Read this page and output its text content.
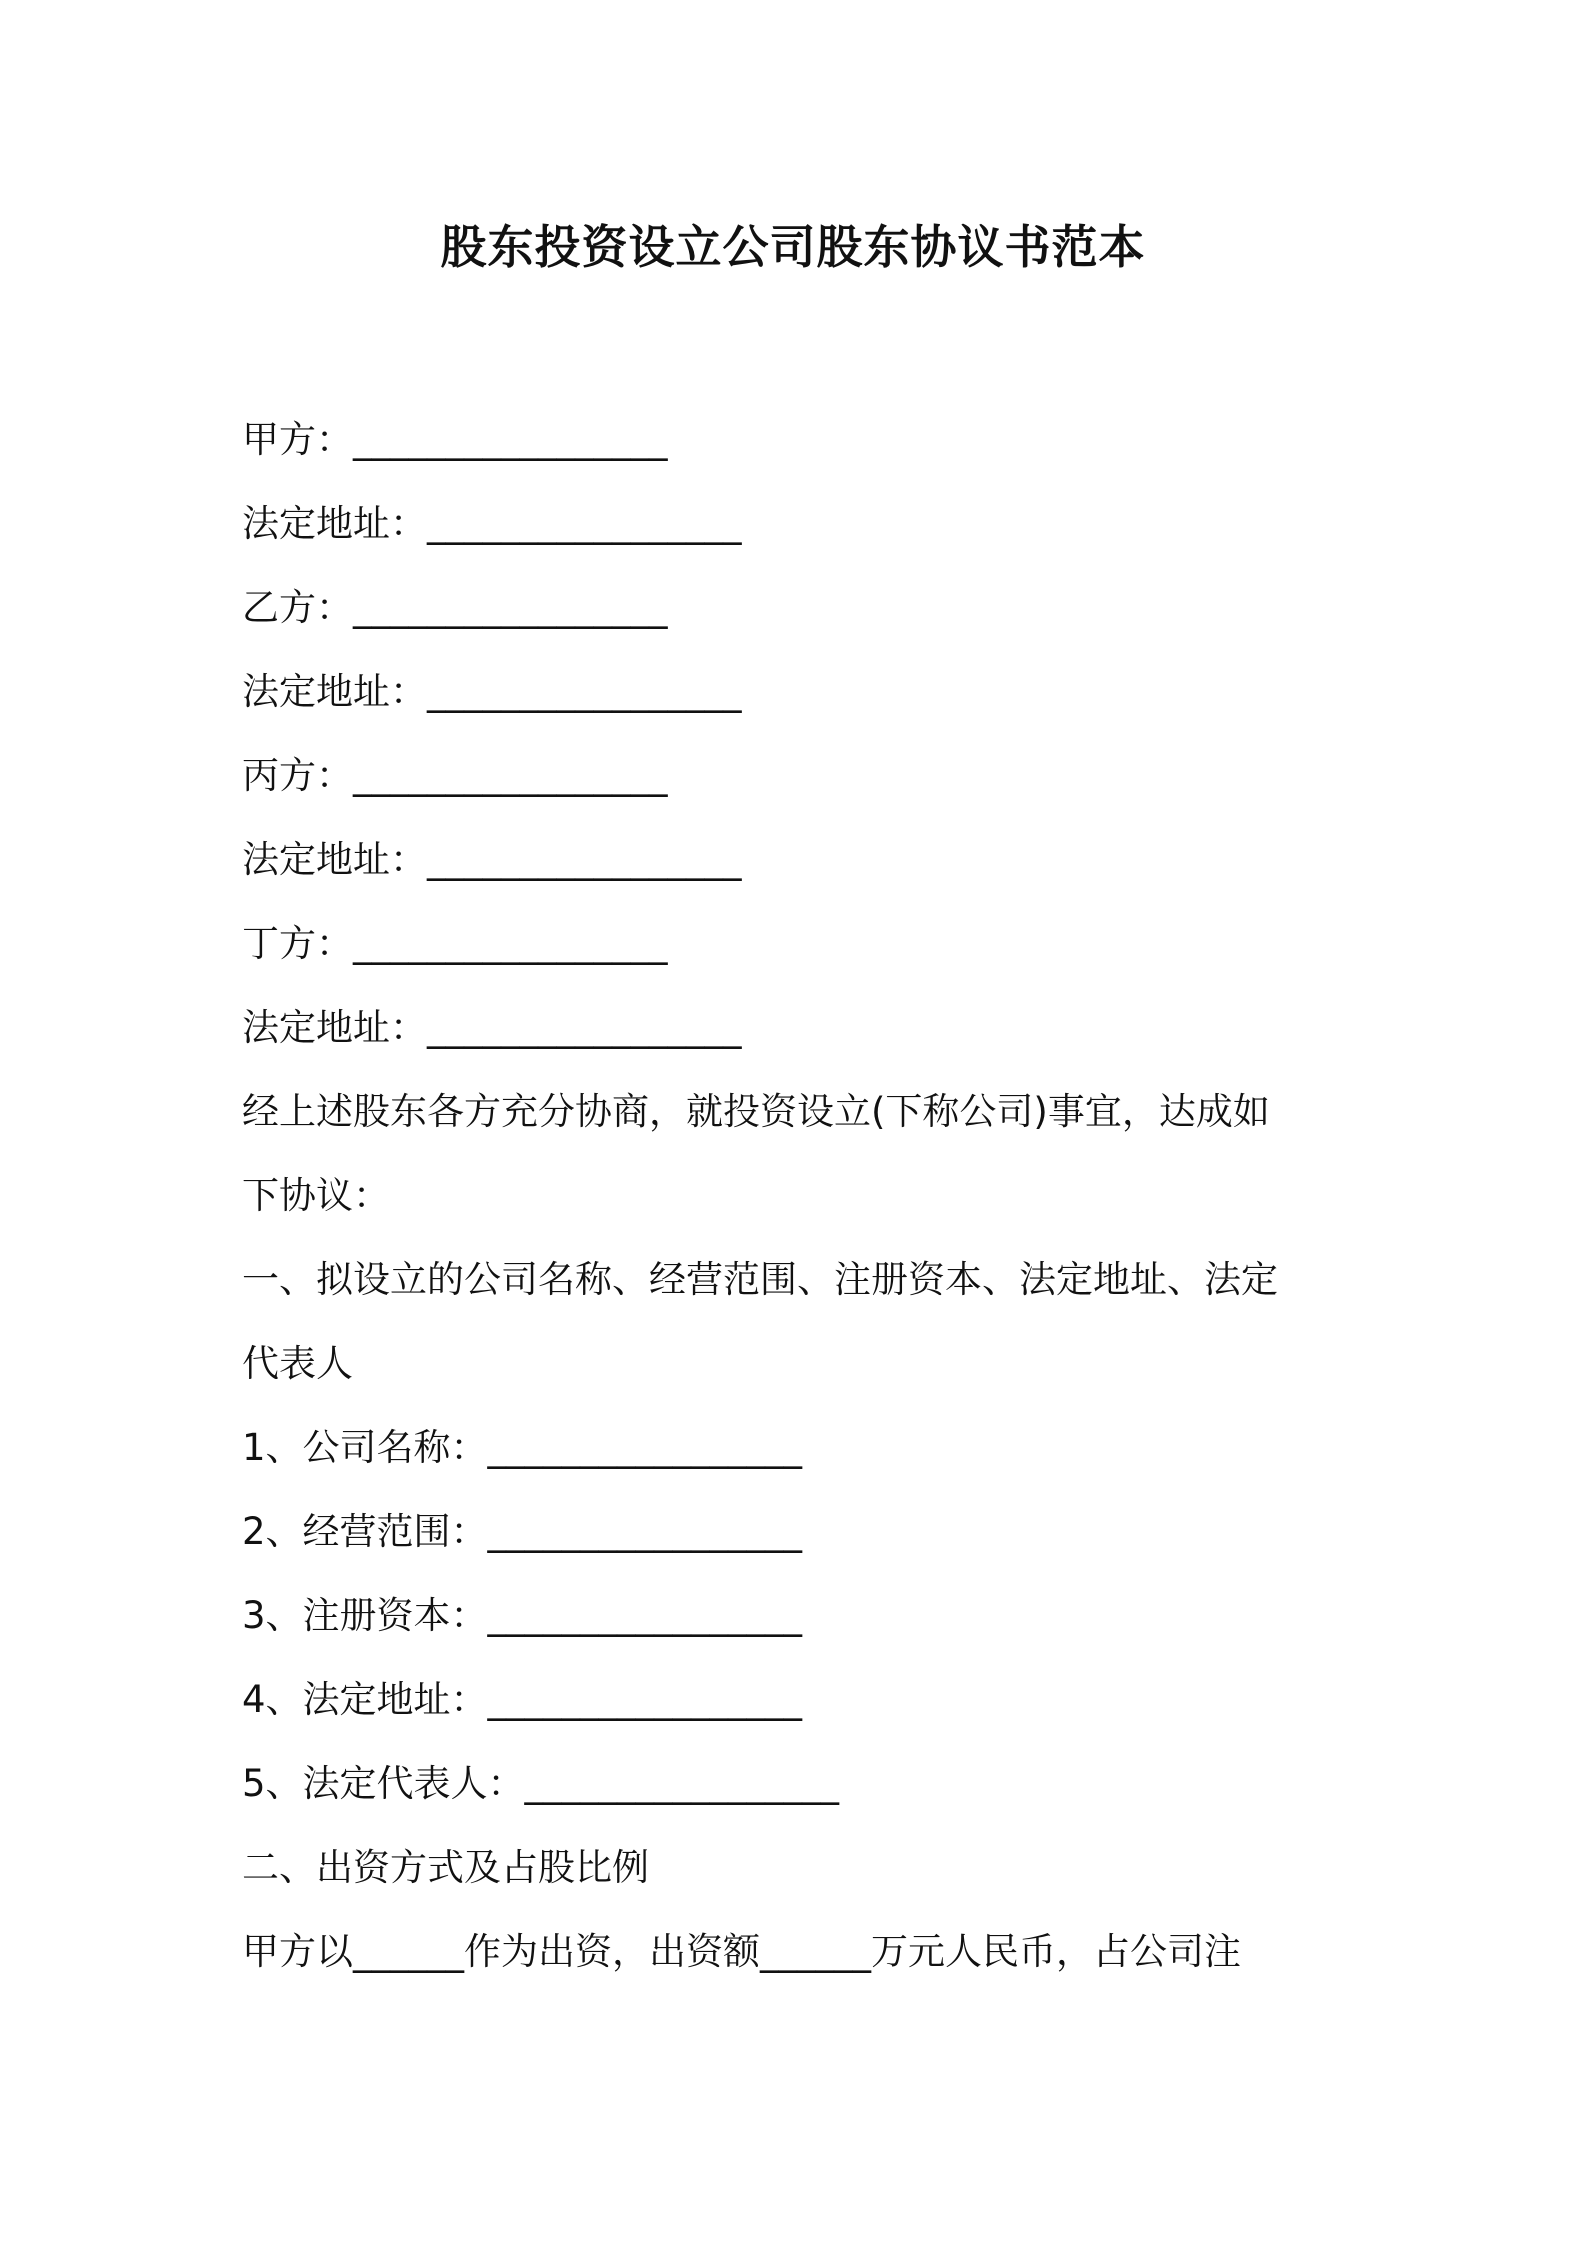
股东投资设立公司股东协议书范本
甲方：_________________
法定地址：_________________
乙方：_________________
法定地址：_________________
丙方：_________________
法定地址：_________________
丁方：_________________
法定地址：_________________
经上述股东各方充分协商，就投资设立(下称公司)事宜，达成如
下协议：
一、拟设立的公司名称、经营范围、注册资本、法定地址、法定
代表人
1、公司名称：_________________
2、经营范围：_________________
3、注册资本：_________________
4、法定地址：_________________
5、法定代表人：_________________
二、出资方式及占股比例
甲方以______作为出资，出资额______万元人民币，占公司注
